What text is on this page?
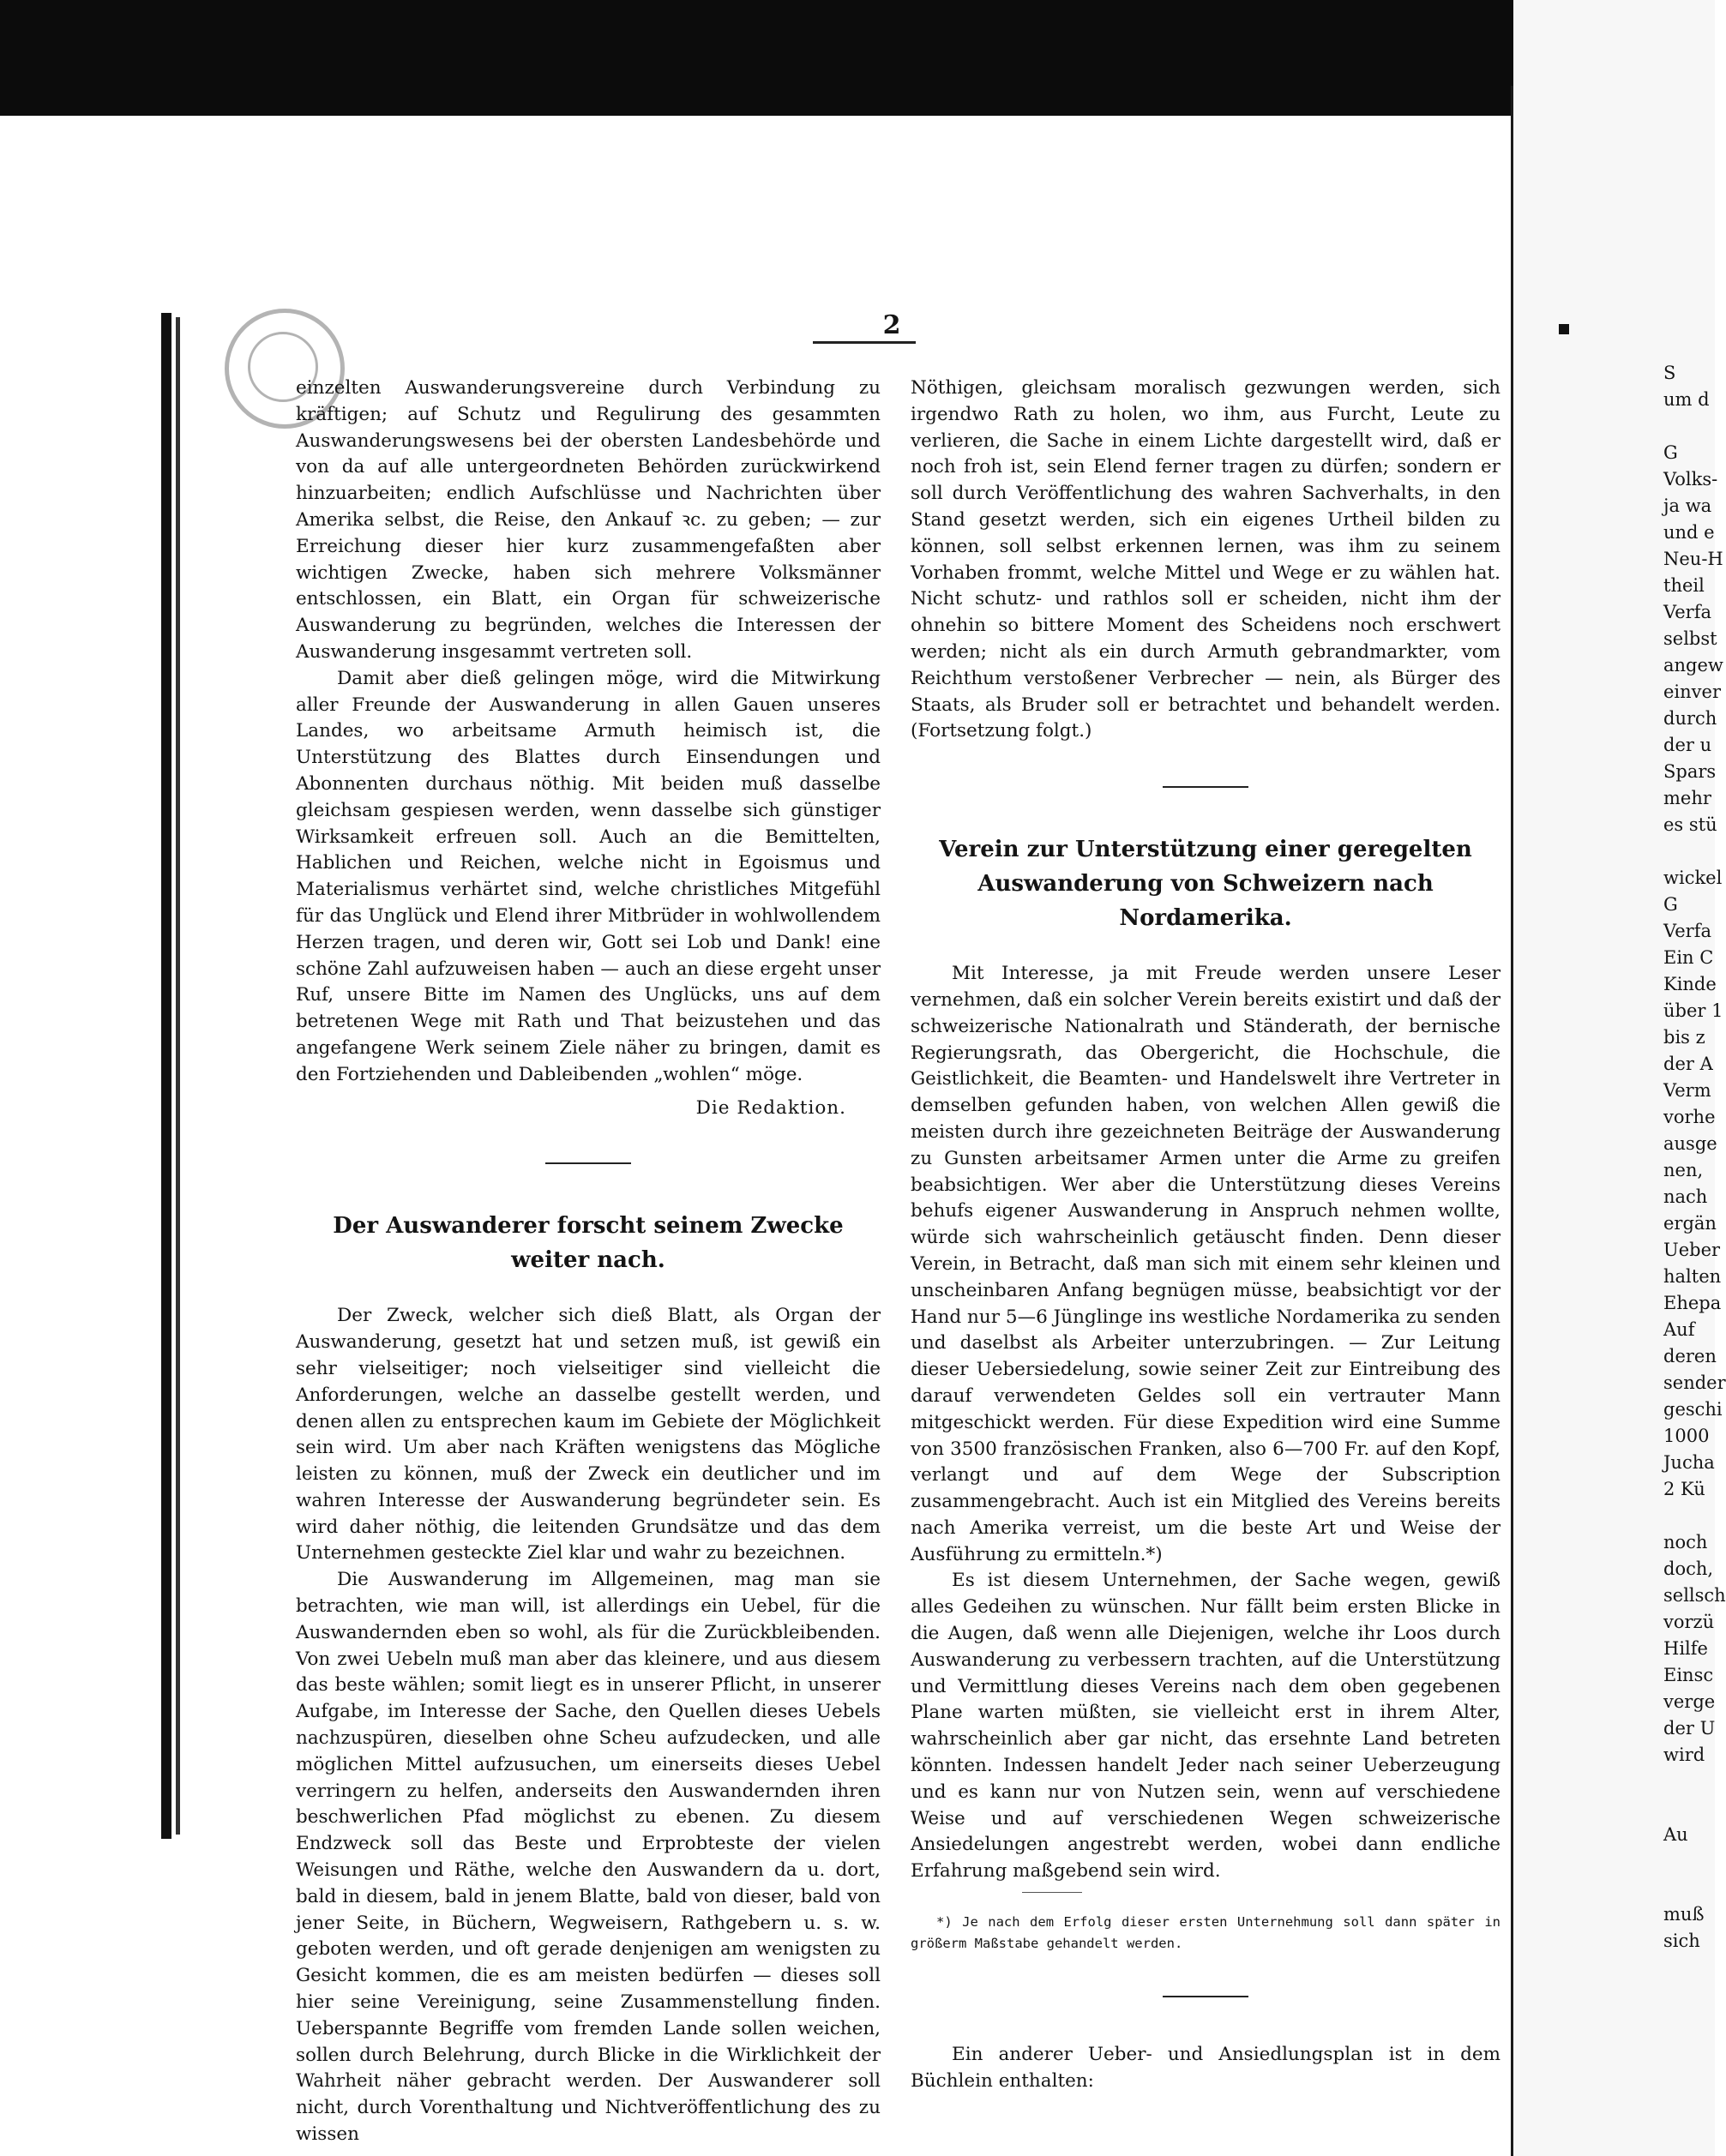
2

einzelten Auswanderungsvereine durch Verbindung zu kräftigen; auf Schutz und Regulirung des gesammten Auswanderungswesens bei der obersten Landesbehörde und von da auf alle untergeordneten Behörden zurückwirkend hinzuarbeiten; endlich Aufschlüsse und Nachrichten über Amerika selbst, die Reise, den Ankauf ꝛc. zu geben; — zur Erreichung dieser hier kurz zusammengefaßten aber wichtigen Zwecke, haben sich mehrere Volksmänner entschlossen, ein Blatt, ein Organ für schweizerische Auswanderung zu begründen, welches die Interessen der Auswanderung insgesammt vertreten soll.

Damit aber dieß gelingen möge, wird die Mitwirkung aller Freunde der Auswanderung in allen Gauen unseres Landes, wo arbeitsame Armuth heimisch ist, die Unterstützung des Blattes durch Einsendungen und Abonnenten durchaus nöthig. Mit beiden muß dasselbe gleichsam gespiesen werden, wenn dasselbe sich günstiger Wirksamkeit erfreuen soll. Auch an die Bemittelten, Hablichen und Reichen, welche nicht in Egoismus und Materialismus verhärtet sind, welche christliches Mitgefühl für das Unglück und Elend ihrer Mitbrüder in wohlwollendem Herzen tragen, und deren wir, Gott sei Lob und Dank! eine schöne Zahl aufzuweisen haben — auch an diese ergeht unser Ruf, unsere Bitte im Namen des Unglücks, uns auf dem betretenen Wege mit Rath und That beizustehen und das angefangene Werk seinem Ziele näher zu bringen, damit es den Fortziehenden und Dableibenden „wohlen“ möge.

Die Redaktion.

Der Auswanderer forscht seinem Zwecke weiter nach.

Der Zweck, welcher sich dieß Blatt, als Organ der Auswanderung, gesetzt hat und setzen muß, ist gewiß ein sehr vielseitiger; noch vielseitiger sind vielleicht die Anforderungen, welche an dasselbe gestellt werden, und denen allen zu entsprechen kaum im Gebiete der Möglichkeit sein wird. Um aber nach Kräften wenigstens das Mögliche leisten zu können, muß der Zweck ein deutlicher und im wahren Interesse der Auswanderung begründeter sein. Es wird daher nöthig, die leitenden Grundsätze und das dem Unternehmen gesteckte Ziel klar und wahr zu bezeichnen.

Die Auswanderung im Allgemeinen, mag man sie betrachten, wie man will, ist allerdings ein Uebel, für die Auswandernden eben so wohl, als für die Zurückbleibenden. Von zwei Uebeln muß man aber das kleinere, und aus diesem das beste wählen; somit liegt es in unserer Pflicht, in unserer Aufgabe, im Interesse der Sache, den Quellen dieses Uebels nachzuspüren, dieselben ohne Scheu aufzudecken, und alle möglichen Mittel aufzusuchen, um einerseits dieses Uebel verringern zu helfen, anderseits den Auswandernden ihren beschwerlichen Pfad möglichst zu ebenen. Zu diesem Endzweck soll das Beste und Erprobteste der vielen Weisungen und Räthe, welche den Auswandern da u. dort, bald in diesem, bald in jenem Blatte, bald von dieser, bald von jener Seite, in Büchern, Wegweisern, Rathgebern u. s. w. geboten werden, und oft gerade denjenigen am wenigsten zu Gesicht kommen, die es am meisten bedürfen — dieses soll hier seine Vereinigung, seine Zusammenstellung finden. Ueberspannte Begriffe vom fremden Lande sollen weichen, sollen durch Belehrung, durch Blicke in die Wirklichkeit der Wahrheit näher gebracht werden. Der Auswanderer soll nicht, durch Vorenthaltung und Nichtveröffentlichung des zu wissen

Nöthigen, gleichsam moralisch gezwungen werden, sich irgendwo Rath zu holen, wo ihm, aus Furcht, Leute zu verlieren, die Sache in einem Lichte dargestellt wird, daß er noch froh ist, sein Elend ferner tragen zu dürfen; sondern er soll durch Veröffentlichung des wahren Sachverhalts, in den Stand gesetzt werden, sich ein eigenes Urtheil bilden zu können, soll selbst erkennen lernen, was ihm zu seinem Vorhaben frommt, welche Mittel und Wege er zu wählen hat. Nicht schutz- und rathlos soll er scheiden, nicht ihm der ohnehin so bittere Moment des Scheidens noch erschwert werden; nicht als ein durch Armuth gebrandmarkter, vom Reichthum verstoßener Verbrecher — nein, als Bürger des Staats, als Bruder soll er betrachtet und behandelt werden. (Fortsetzung folgt.)

Verein zur Unterstützung einer geregelten Auswanderung von Schweizern nach Nordamerika.

Mit Interesse, ja mit Freude werden unsere Leser vernehmen, daß ein solcher Verein bereits existirt und daß der schweizerische Nationalrath und Ständerath, der bernische Regierungsrath, das Obergericht, die Hochschule, die Geistlichkeit, die Beamten- und Handelswelt ihre Vertreter in demselben gefunden haben, von welchen Allen gewiß die meisten durch ihre gezeichneten Beiträge der Auswanderung zu Gunsten arbeitsamer Armen unter die Arme zu greifen beabsichtigen. Wer aber die Unterstützung dieses Vereins behufs eigener Auswanderung in Anspruch nehmen wollte, würde sich wahrscheinlich getäuscht finden. Denn dieser Verein, in Betracht, daß man sich mit einem sehr kleinen und unscheinbaren Anfang begnügen müsse, beabsichtigt vor der Hand nur 5—6 Jünglinge ins westliche Nordamerika zu senden und daselbst als Arbeiter unterzubringen. — Zur Leitung dieser Uebersiedelung, sowie seiner Zeit zur Eintreibung des darauf verwendeten Geldes soll ein vertrauter Mann mitgeschickt werden. Für diese Expedition wird eine Summe von 3500 französischen Franken, also 6—700 Fr. auf den Kopf, verlangt und auf dem Wege der Subscription zusammengebracht. Auch ist ein Mitglied des Vereins bereits nach Amerika verreist, um die beste Art und Weise der Ausführung zu ermitteln.*)

Es ist diesem Unternehmen, der Sache wegen, gewiß alles Gedeihen zu wünschen. Nur fällt beim ersten Blicke in die Augen, daß wenn alle Diejenigen, welche ihr Loos durch Auswanderung zu verbessern trachten, auf die Unterstützung und Vermittlung dieses Vereins nach dem oben gegebenen Plane warten müßten, sie vielleicht erst in ihrem Alter, wahrscheinlich aber gar nicht, das ersehnte Land betreten könnten. Indessen handelt Jeder nach seiner Ueberzeugung und es kann nur von Nutzen sein, wenn auf verschiedene Weise und auf verschiedenen Wegen schweizerische Ansiedelungen angestrebt werden, wobei dann endliche Erfahrung maßgebend sein wird.

*) Je nach dem Erfolg dieser ersten Unternehmung soll dann später in größerm Maßstabe gehandelt werden.

Ein anderer Ueber- und Ansiedlungsplan ist in dem Büchlein enthalten:

S
um d
G
Volks-
ja wa
und e
Neu-H
theil
Verfa
selbst
angew
einver
durch
der u
Spars
mehr
es stü
wickel
G
Verfa
Ein C
Kinde
über 1
bis z
der A
Verm
vorhe
ausge
nen,
nach
ergän
Ueber
halten
Ehepa
Auf
deren
sender
geschi
1000
Jucha
2 Kü
noch
doch,
sellsch
vorzü
Hilfe
Einsc
verge
der U
wird
Au
muß
sich
